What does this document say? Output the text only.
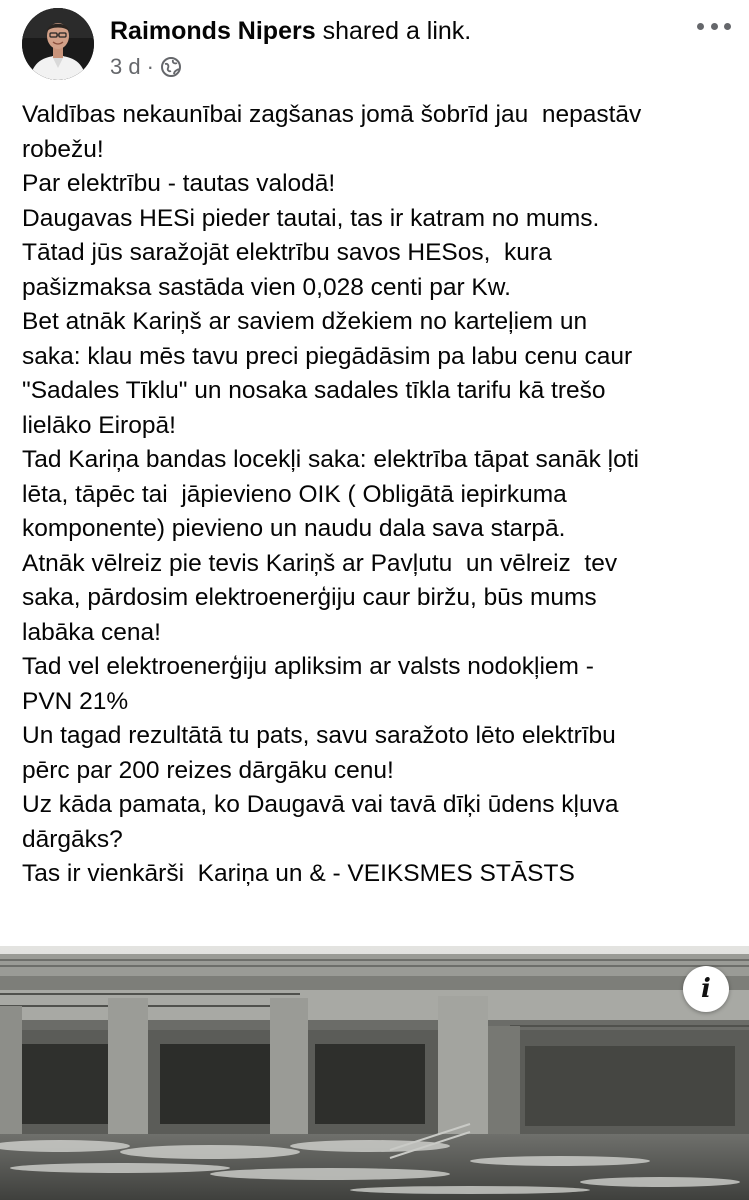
Raimonds Nipers shared a link.
3 d ·
Valdības nekaunībai zagšanas jomā šobrīd jau  nepastāv
robežu!
Par elektrību - tautas valodā!
Daugavas HESi pieder tautai, tas ir katram no mums.
Tātad jūs saražojāt elektrību savos HESos,  kura
pašizmaksa sastāda vien 0,028 centi par Kw.
Bet atnāk Kariņš ar saviem džekiem no karteļiem un
saka: klau mēs tavu preci piegādāsim pa labu cenu caur
"Sadales Tīklu" un nosaka sadales tīkla tarifu kā trešo
lielāko Eiropā!
Tad Kariņa bandas locekļi saka: elektrība tāpat sanāk ļoti
lēta, tāpēc tai  jāpievieno OIK ( Obligātā iepirkuma
komponente) pievieno un naudu dala sava starpā.
Atnāk vēlreiz pie tevis Kariņš ar Pavļutu  un vēlreiz  tev
saka, pārdosim elektroenerģiju caur biržu, būs mums
labāka cena!
Tad vel elektroenerģiju apliksim ar valsts nodokļiem -
PVN 21%
Un tagad rezultātā tu pats, savu saražoto lēto elektrību
pērc par 200 reizes dārgāku cenu!
Uz kāda pamata, ko Daugavā vai tavā dīķi ūdens kļuva
dārgāks?
Tas ir vienkārši  Kariņa un & - VEIKSMES STĀSTS
i
